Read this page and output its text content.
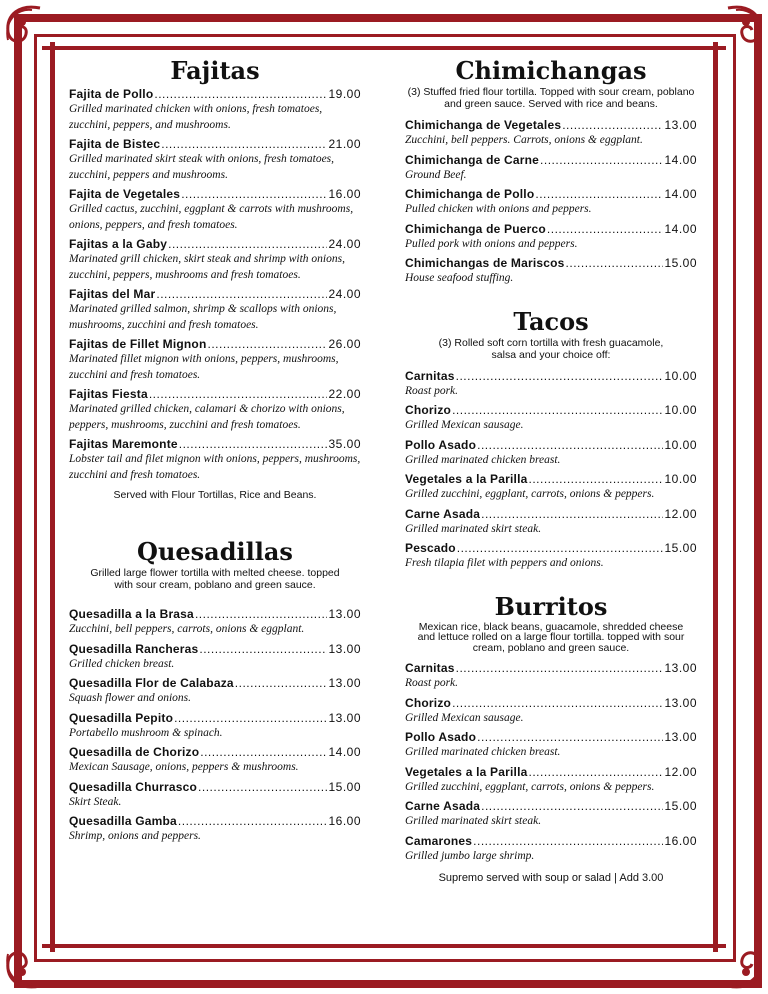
Fajitas
Fajita de Pollo .....	19.00
Grilled marinated chicken with onions, fresh tomatoes, zucchini, peppers, and mushrooms.
Fajita de Bistec .....	21.00
Grilled marinated skirt steak with onions, fresh tomatoes, zucchini, peppers and mushrooms.
Fajita de Vegetales .....	16.00
Grilled cactus, zucchini, eggplant & carrots with mushrooms, onions, peppers, and fresh tomatoes.
Fajitas a la Gaby .....	24.00
Marinated grill chicken, skirt steak and shrimp with onions, zucchini, peppers, mushrooms and fresh tomatoes.
Fajitas del Mar .....	24.00
Marinated grilled salmon, shrimp & scallops with onions, mushrooms, zucchini and fresh tomatoes.
Fajitas de Fillet Mignon .....	26.00
Marinated fillet mignon with onions, peppers, mushrooms, zucchini and fresh tomatoes.
Fajitas Fiesta .....	22.00
Marinated grilled chicken, calamari & chorizo with onions, peppers, mushrooms, zucchini and fresh tomatoes.
Fajitas Maremonte .....	35.00
Lobster tail and filet mignon with onions, peppers, mushrooms, zucchini and fresh tomatoes.

Served with Flour Tortillas, Rice and Beans.

Quesadillas

Grilled large flower tortilla with melted cheese. topped with sour cream, poblano and green sauce.

Quesadilla a la Brasa .....	13.00
Zucchini, bell peppers, carrots, onions & eggplant.
Quesadilla Rancheras .....	13.00
Grilled chicken breast.
Quesadilla Flor de Calabaza .....	13.00
Squash flower and onions.
Quesadilla Pepito .....	13.00
Portabello mushroom & spinach.
Quesadilla de Chorizo .....	14.00
Mexican Sausage, onions, peppers & mushrooms.
Quesadilla Churrasco .....	15.00
Skirt Steak.
Quesadilla Gamba .....	16.00
Shrimp, onions and peppers.
Chimichangas

(3) Stuffed fried flour tortilla. Topped with sour cream, poblano and green sauce. Served with rice and beans.

Chimichanga de Vegetales .....	13.00
Zucchini, bell peppers. Carrots, onions & eggplant.
Chimichanga de Carne .....	14.00
Ground Beef.
Chimichanga de Pollo .....	14.00
Pulled chicken with onions and peppers.
Chimichanga de Puerco .....	14.00
Pulled pork with onions and peppers.
Chimichangas de Mariscos .....	15.00
House seafood stuffing.
Tacos

(3) Rolled soft corn tortilla with fresh guacamole, salsa and your choice off:

Carnitas .....	10.00
Roast pork.
Chorizo .....	10.00
Grilled Mexican sausage.
Pollo Asado .....	10.00
Grilled marinated chicken breast.
Vegetales a la Parilla .....	10.00
Grilled zucchini, eggplant, carrots, onions & peppers.
Carne Asada .....	12.00
Grilled marinated skirt steak.
Pescado .....	15.00
Fresh tilapia filet with peppers and onions.
Burritos

Mexican rice, black beans, guacamole, shredded cheese and lettuce rolled on a large flour tortilla. topped with sour cream, poblano and green sauce.

Carnitas .....	13.00
Roast pork.
Chorizo .....	13.00
Grilled Mexican sausage.
Pollo Asado .....	13.00
Grilled marinated chicken breast.
Vegetales a la Parilla .....	12.00
Grilled zucchini, eggplant, carrots, onions & peppers.
Carne Asada .....	15.00
Grilled marinated skirt steak.
Camarones .....	16.00
Grilled jumbo large shrimp.

Supremo served with soup or salad | Add 3.00
